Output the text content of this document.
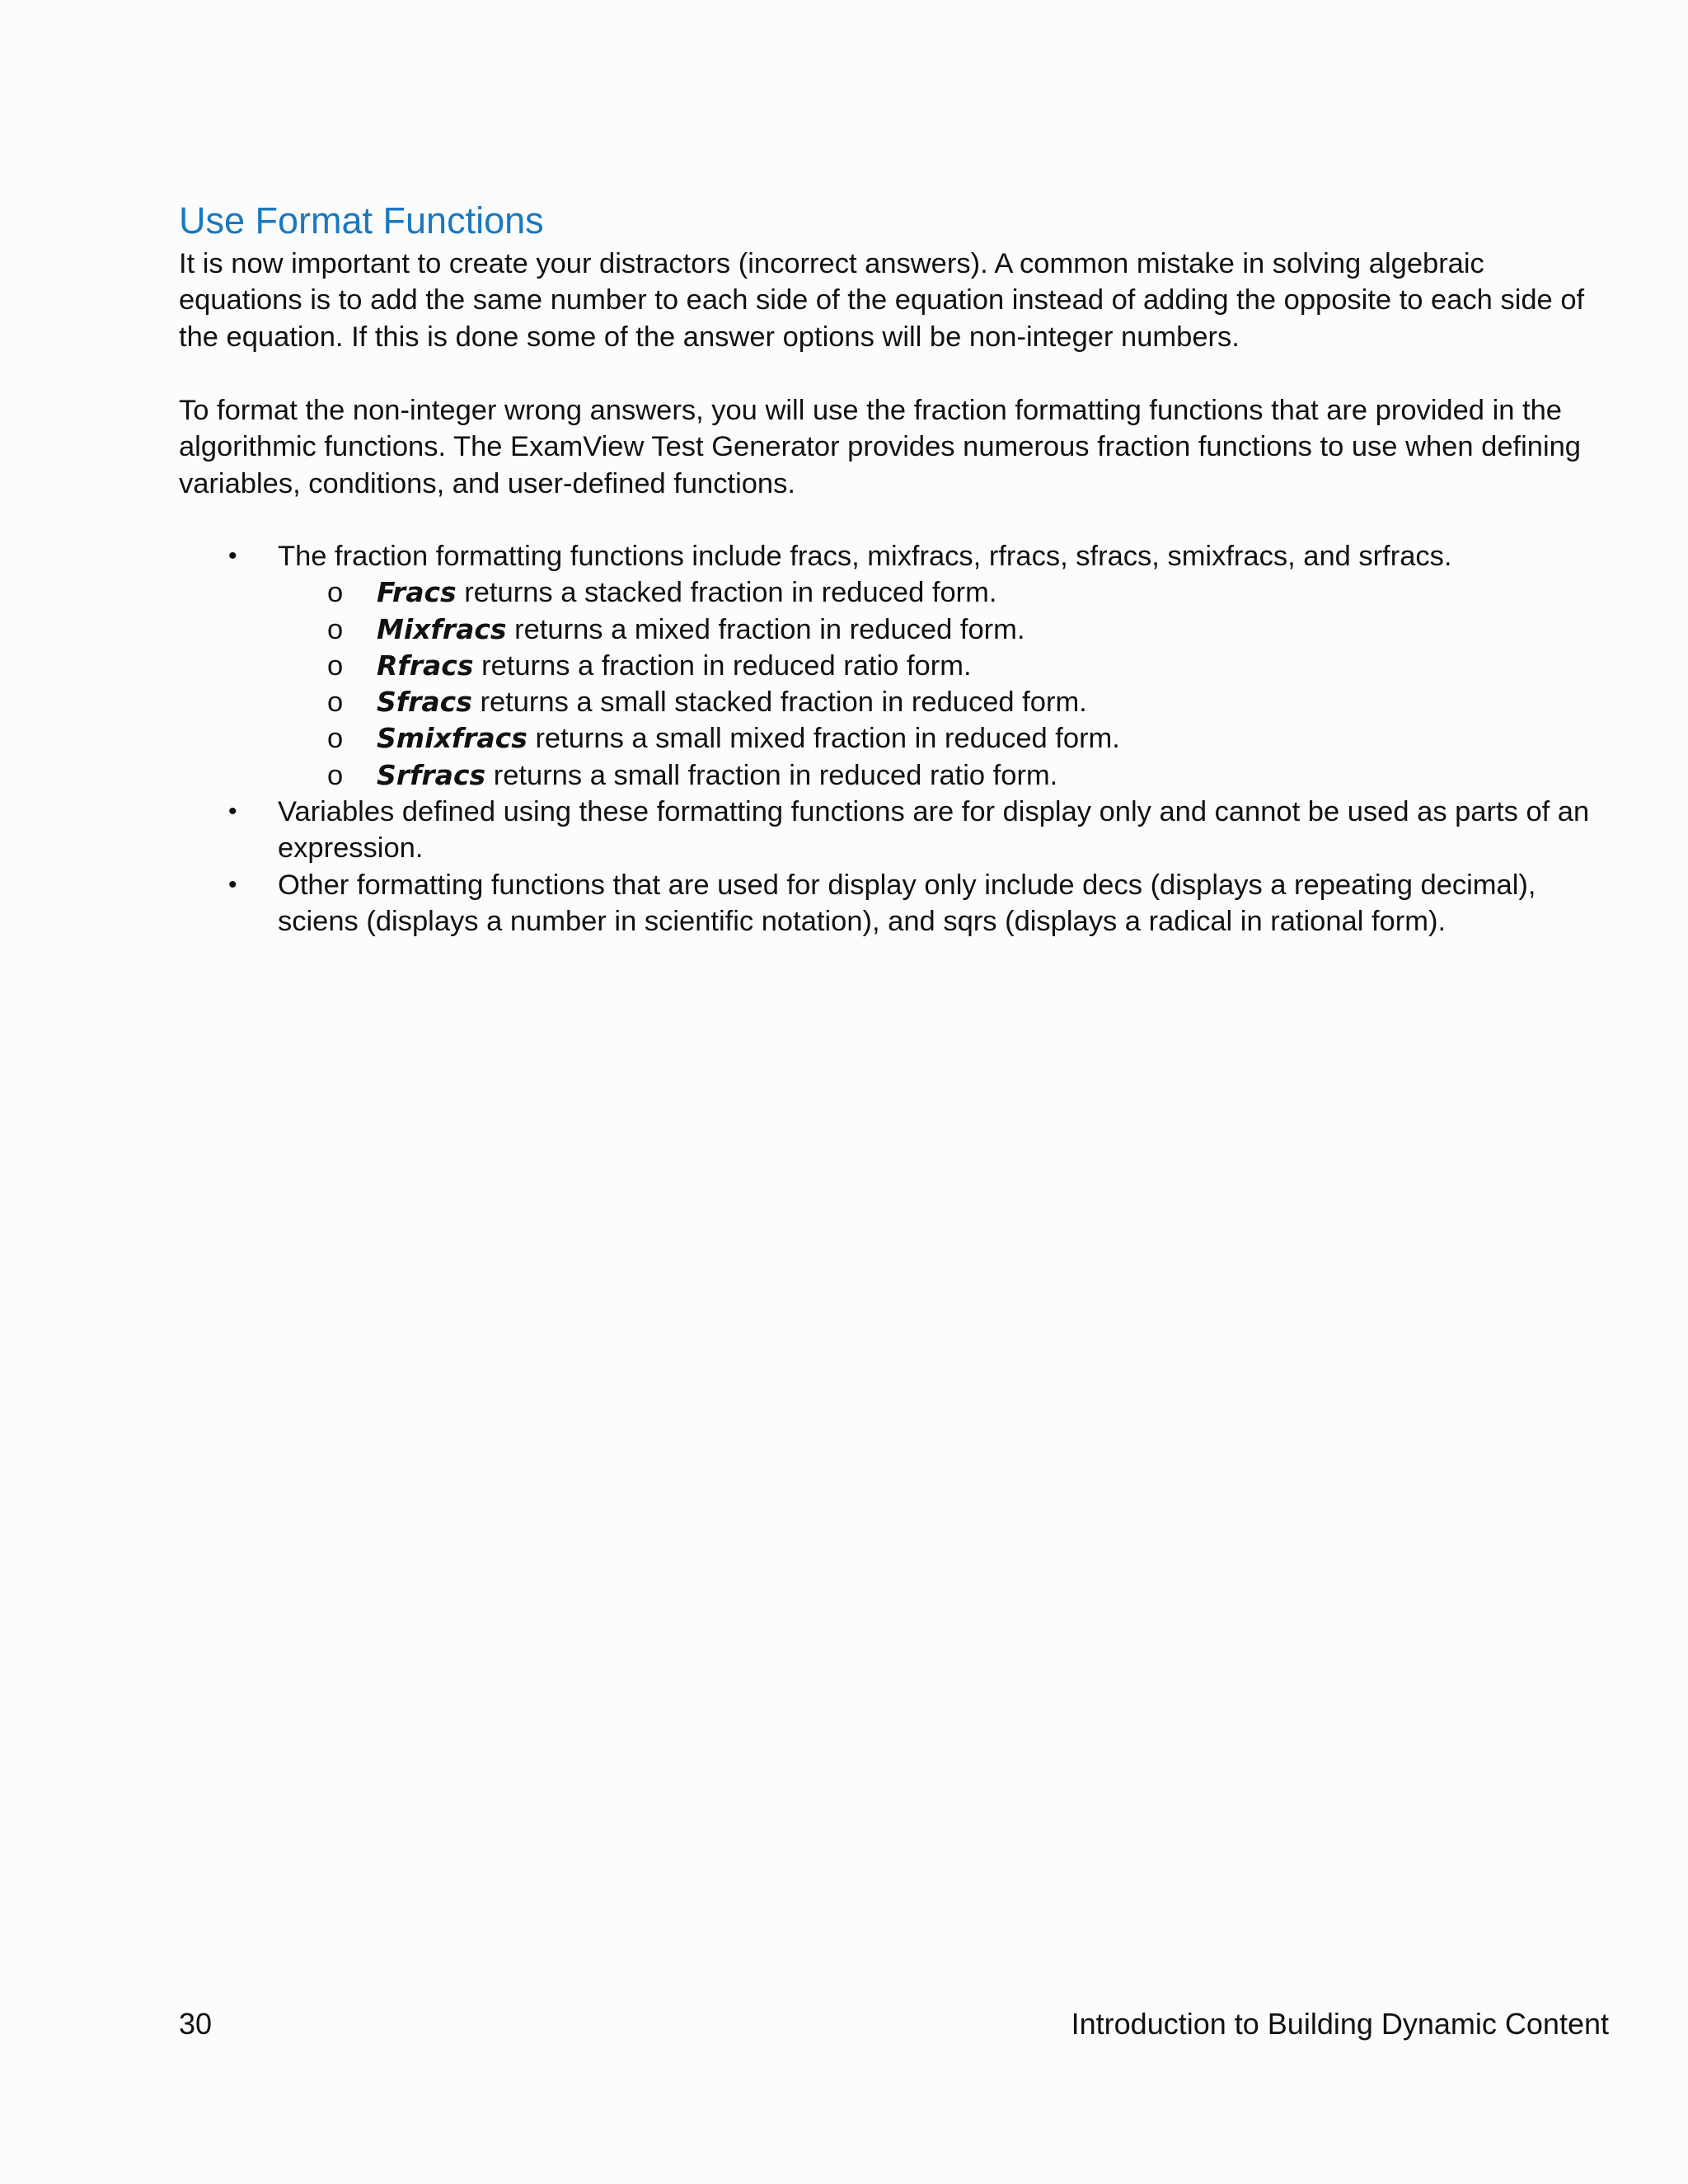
Use Format Functions

It is now important to create your distractors (incorrect answers). A common mistake in solving algebraic equations is to add the same number to each side of the equation instead of adding the opposite to each side of the equation. If this is done some of the answer options will be non-integer numbers.

To format the non-integer wrong answers, you will use the fraction formatting functions that are provided in the algorithmic functions. The ExamView Test Generator provides numerous fraction functions to use when defining variables, conditions, and user-defined functions.

• The fraction formatting functions include fracs, mixfracs, rfracs, sfracs, smixfracs, and srfracs.
o Fracs returns a stacked fraction in reduced form.
o Mixfracs returns a mixed fraction in reduced form.
o Rfracs returns a fraction in reduced ratio form.
o Sfracs returns a small stacked fraction in reduced form.
o Smixfracs returns a small mixed fraction in reduced form.
o Srfracs returns a small fraction in reduced ratio form.
• Variables defined using these formatting functions are for display only and cannot be used as parts of an expression.
• Other formatting functions that are used for display only include decs (displays a repeating decimal), sciens (displays a number in scientific notation), and sqrs (displays a radical in rational form).
30	Introduction to Building Dynamic Content
